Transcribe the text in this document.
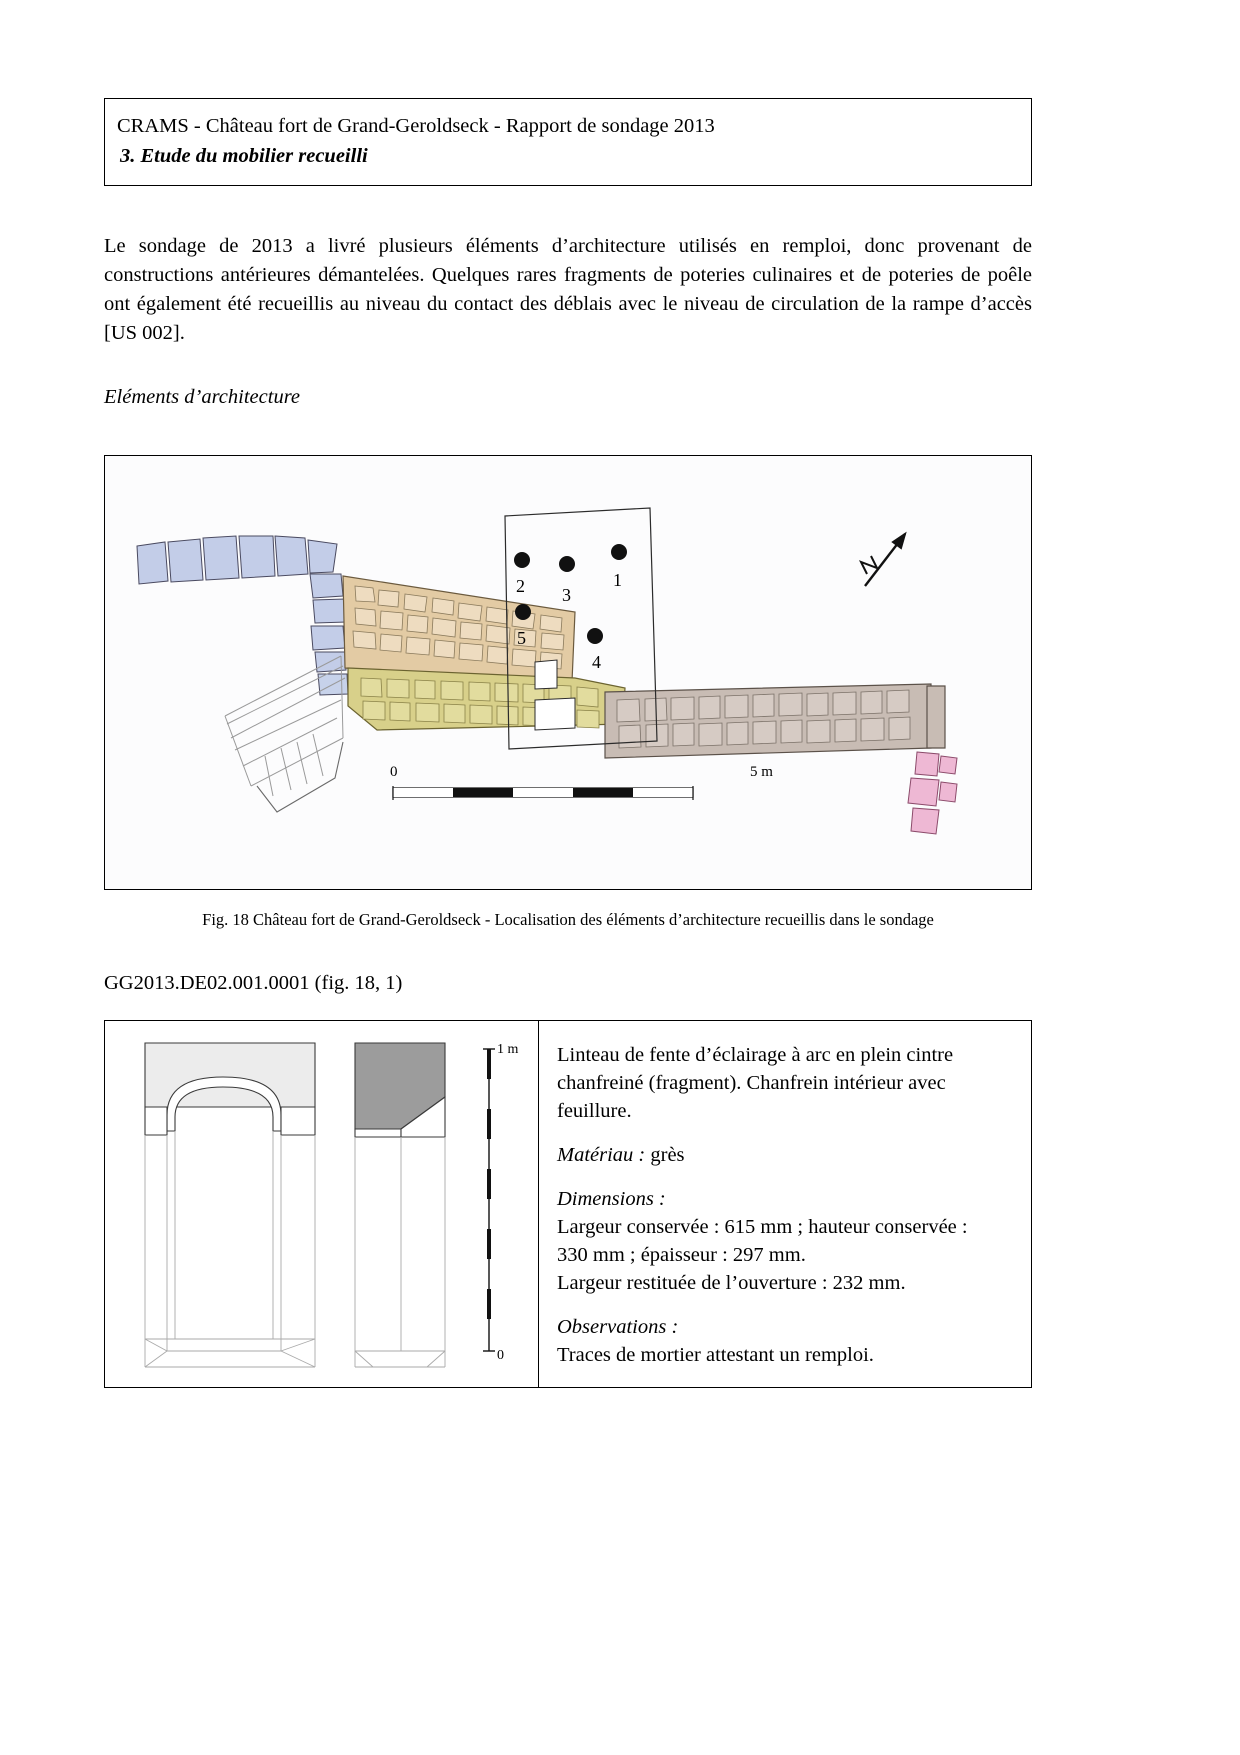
CRAMS - Château fort de Grand-Geroldseck - Rapport de sondage 2013
3. Etude du mobilier recueilli
Le sondage de 2013 a livré plusieurs éléments d’architecture utilisés en remploi, donc provenant de constructions antérieures démantelées. Quelques rares fragments de poteries culinaires et de poteries de poêle ont également été recueillis au niveau du contact des déblais avec le niveau de circulation de la rampe d’accès [US 002].
Eléments d’architecture
2 3
1
4
5
0	5 m
Fig. 18 Château fort de Grand-Geroldseck - Localisation des éléments d’architecture recueillis dans le sondage
GG2013.DE02.001.0001 (fig. 18, 1)
1 m
0

Linteau de fente d’éclairage à arc en plein cintre chanfreiné (fragment). Chanfrein intérieur avec feuillure.

Matériau : grès

Dimensions :
Largeur conservée : 615 mm ; hauteur conservée :
330 mm ; épaisseur : 297 mm.
Largeur restituée de l’ouverture : 232 mm.

Observations :
Traces de mortier attestant un remploi.
